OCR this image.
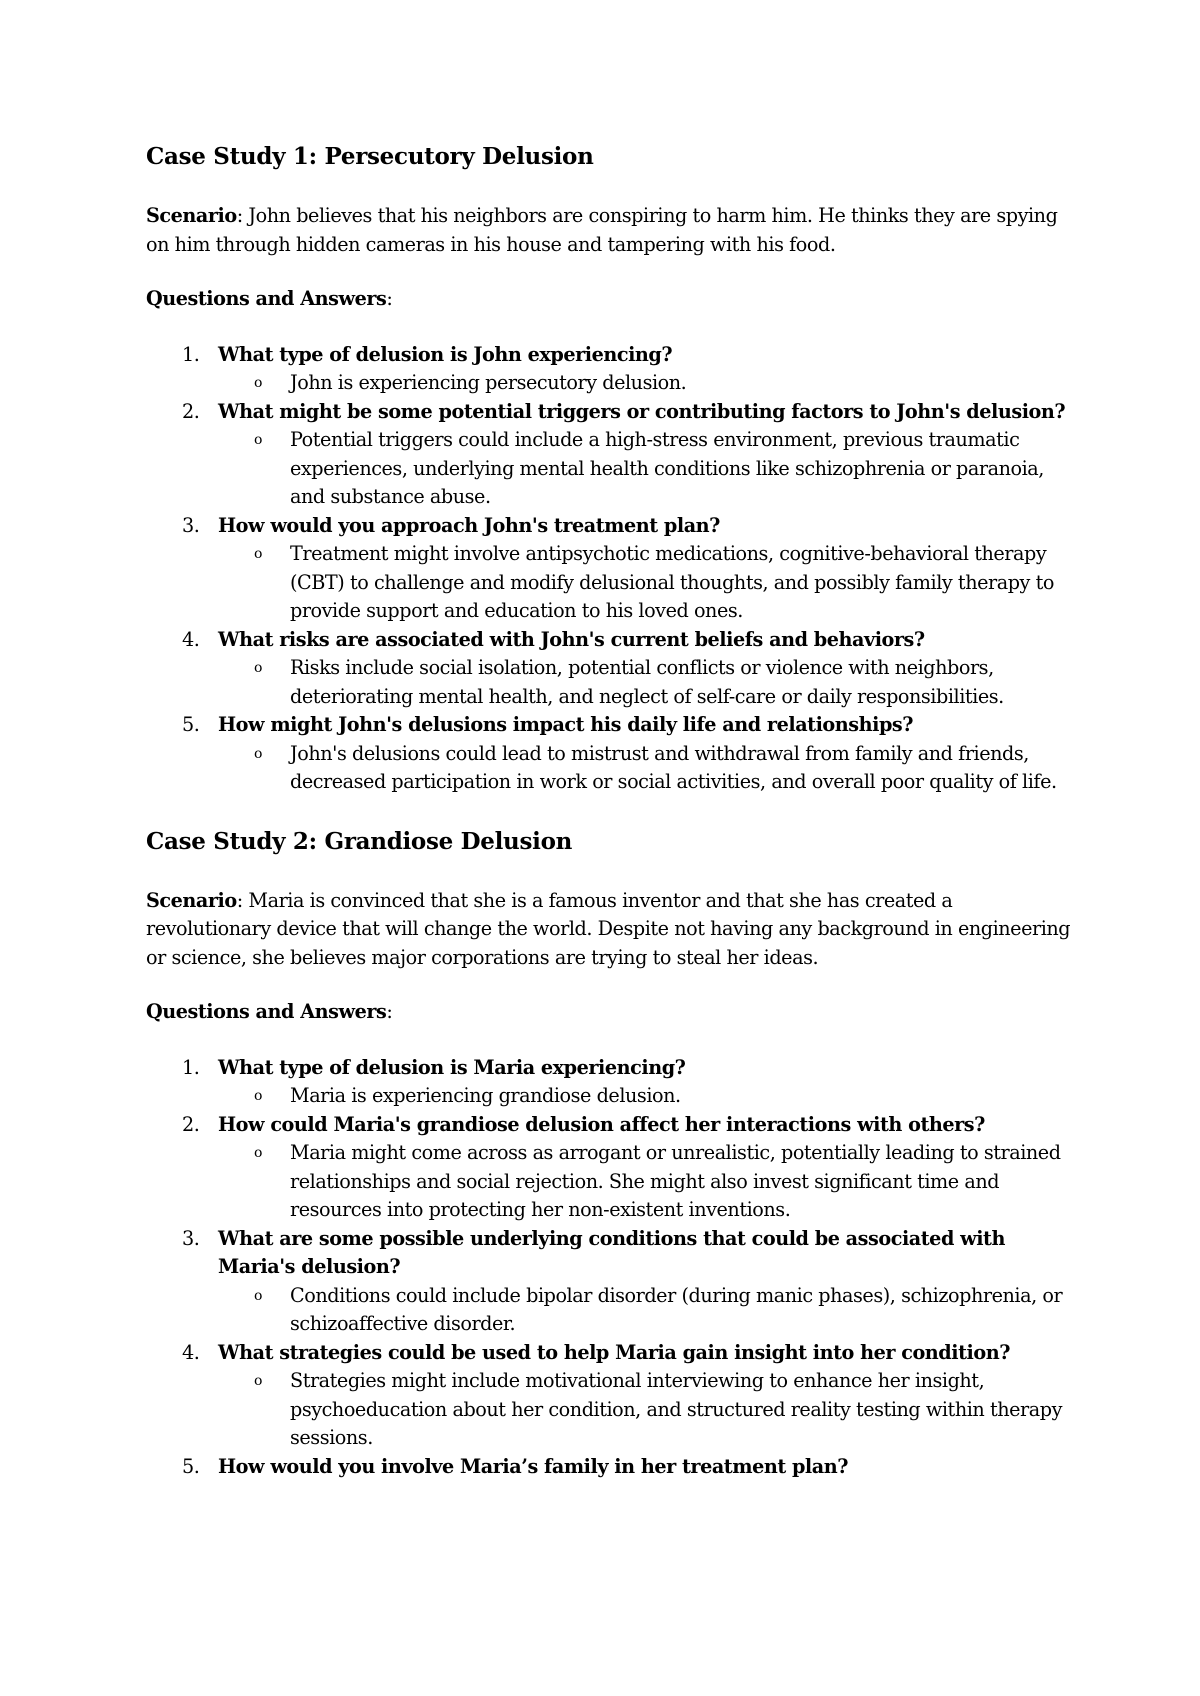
Case Study 1: Persecutory Delusion

Scenario: John believes that his neighbors are conspiring to harm him. He thinks they are spying on him through hidden cameras in his house and tampering with his food.

Questions and Answers:

1. What type of delusion is John experiencing?
o John is experiencing persecutory delusion.
2. What might be some potential triggers or contributing factors to John's delusion?
o Potential triggers could include a high-stress environment, previous traumatic experiences, underlying mental health conditions like schizophrenia or paranoia, and substance abuse.
3. How would you approach John's treatment plan?
o Treatment might involve antipsychotic medications, cognitive-behavioral therapy (CBT) to challenge and modify delusional thoughts, and possibly family therapy to provide support and education to his loved ones.
4. What risks are associated with John's current beliefs and behaviors?
o Risks include social isolation, potential conflicts or violence with neighbors, deteriorating mental health, and neglect of self-care or daily responsibilities.
5. How might John's delusions impact his daily life and relationships?
o John's delusions could lead to mistrust and withdrawal from family and friends, decreased participation in work or social activities, and overall poor quality of life.
Case Study 2: Grandiose Delusion

Scenario: Maria is convinced that she is a famous inventor and that she has created a revolutionary device that will change the world. Despite not having any background in engineering or science, she believes major corporations are trying to steal her ideas.

Questions and Answers:

1. What type of delusion is Maria experiencing?
o Maria is experiencing grandiose delusion.
2. How could Maria's grandiose delusion affect her interactions with others?
o Maria might come across as arrogant or unrealistic, potentially leading to strained relationships and social rejection. She might also invest significant time and resources into protecting her non-existent inventions.
3. What are some possible underlying conditions that could be associated with Maria's delusion?
o Conditions could include bipolar disorder (during manic phases), schizophrenia, or schizoaffective disorder.
4. What strategies could be used to help Maria gain insight into her condition?
o Strategies might include motivational interviewing to enhance her insight, psychoeducation about her condition, and structured reality testing within therapy sessions.
5. How would you involve Maria’s family in her treatment plan?
